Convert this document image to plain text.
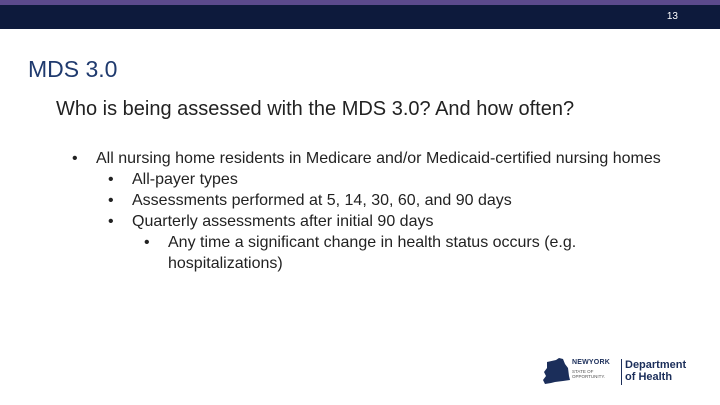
13
MDS 3.0
Who is being assessed with the MDS 3.0? And how often?
• All nursing home residents in Medicare and/or Medicaid-certified nursing homes
• All-payer types
• Assessments performed at 5, 14, 30, 60, and 90 days
• Quarterly assessments after initial 90 days
• Any time a significant change in health status occurs (e.g. hospitalizations)
NEWYORK
STATE OF OPPORTUNITY.
Department
of Health
